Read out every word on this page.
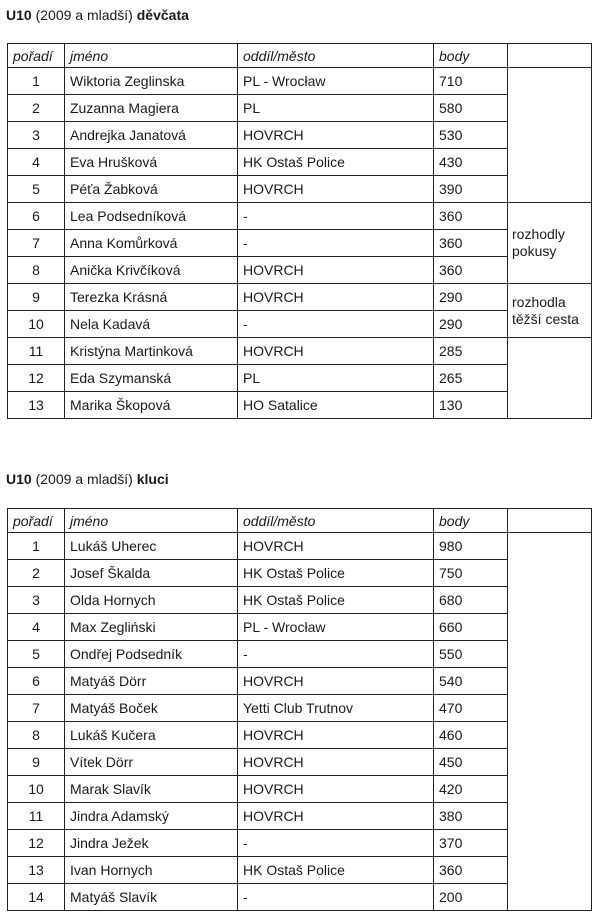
U10 (2009 a mladší) děvčata
pořadí	jméno	oddíl/město	body	
1	Wiktoria Zeglinska	PL - Wrocław	710	
2	Zuzanna Magiera	PL	580	
3	Andrejka Janatová	HOVRCH	530	
4	Eva Hrušková	HK Ostaš Police	430	
5	Péťa Žabková	HOVRCH	390	
6	Lea Podsedníková	-	360	rozhodly pokusy
7	Anna Komůrková	-	360	
8	Anička Krivčíková	HOVRCH	360	
9	Terezka Krásná	HOVRCH	290	rozhodla těžší cesta
10	Nela Kadavá	-	290	
11	Kristýna Martinková	HOVRCH	285	
12	Eda Szymanská	PL	265	
13	Marika Škopová	HO Satalice	130	
U10 (2009 a mladší) kluci
pořadí	jméno	oddíl/město	body	
1	Lukáš Uherec	HOVRCH	980	
2	Josef Škalda	HK Ostaš Police	750	
3	Olda Hornych	HK Ostaš Police	680	
4	Max Zegliński	PL - Wrocław	660	
5	Ondřej Podsedník	-	550	
6	Matyáš Dörr	HOVRCH	540	
7	Matyáš Boček	Yetti Club Trutnov	470	
8	Lukáš Kučera	HOVRCH	460	
9	Vítek Dörr	HOVRCH	450	
10	Marak Slavík	HOVRCH	420	
11	Jindra Adamský	HOVRCH	380	
12	Jindra Ježek	-	370	
13	Ivan Hornych	HK Ostaš Police	360	
14	Matyáš Slavík	-	200	
